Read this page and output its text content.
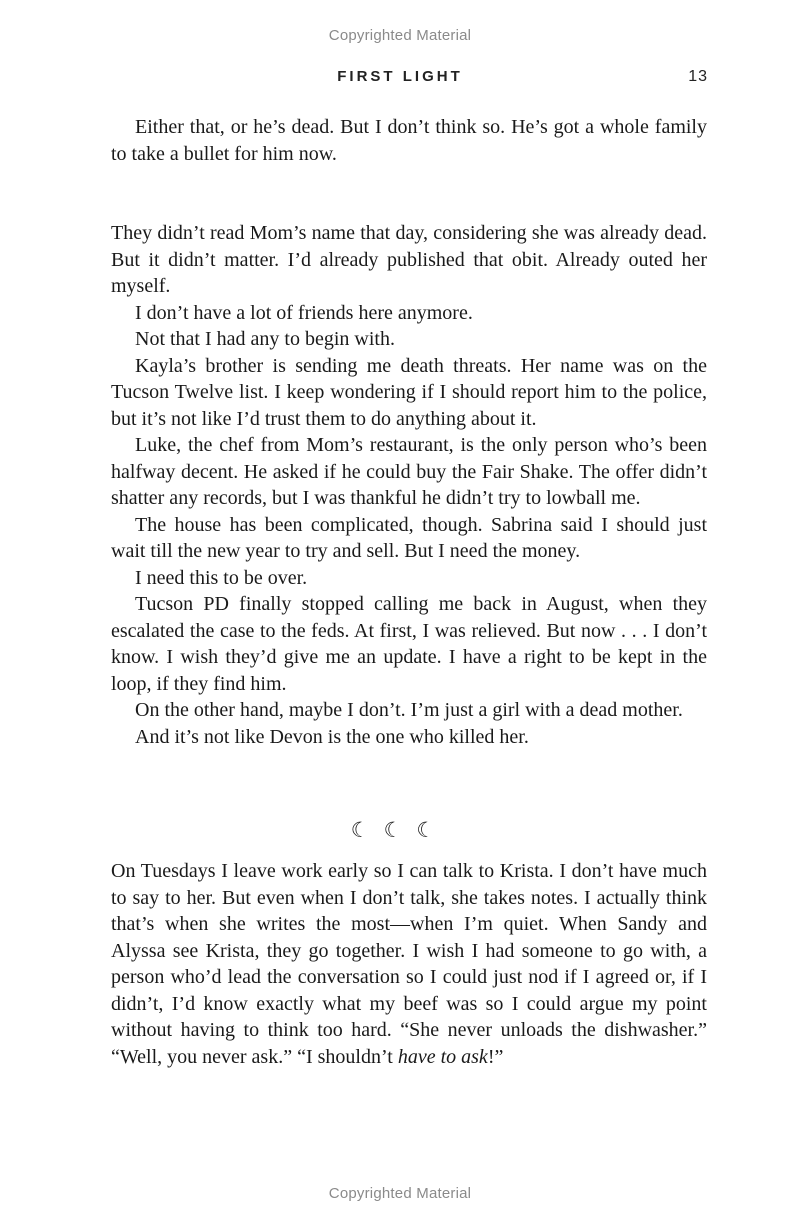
Copyrighted Material
FIRST LIGHT	13

Either that, or he’s dead. But I don’t think so. He’s got a whole family to take a bullet for him now.

They didn’t read Mom’s name that day, considering she was already dead. But it didn’t matter. I’d already published that obit. Already outed her myself.

I don’t have a lot of friends here anymore.

Not that I had any to begin with.

Kayla’s brother is sending me death threats. Her name was on the Tucson Twelve list. I keep wondering if I should report him to the police, but it’s not like I’d trust them to do anything about it.

Luke, the chef from Mom’s restaurant, is the only person who’s been halfway decent. He asked if he could buy the Fair Shake. The offer didn’t shatter any records, but I was thankful he didn’t try to lowball me.

The house has been complicated, though. Sabrina said I should just wait till the new year to try and sell. But I need the money.

I need this to be over.

Tucson PD finally stopped calling me back in August, when they escalated the case to the feds. At first, I was relieved. But now . . . I don’t know. I wish they’d give me an update. I have a right to be kept in the loop, if they find him.

On the other hand, maybe I don’t. I’m just a girl with a dead mother.

And it’s not like Devon is the one who killed her.

☾☾☾

On Tuesdays I leave work early so I can talk to Krista. I don’t have much to say to her. But even when I don’t talk, she takes notes. I actually think that’s when she writes the most—when I’m quiet. When Sandy and Alyssa see Krista, they go together. I wish I had someone to go with, a person who’d lead the conversation so I could just nod if I agreed or, if I didn’t, I’d know exactly what my beef was so I could argue my point without having to think too hard. “She never unloads the dishwasher.” “Well, you never ask.” “I shouldn’t have to ask!”

Copyrighted Material
